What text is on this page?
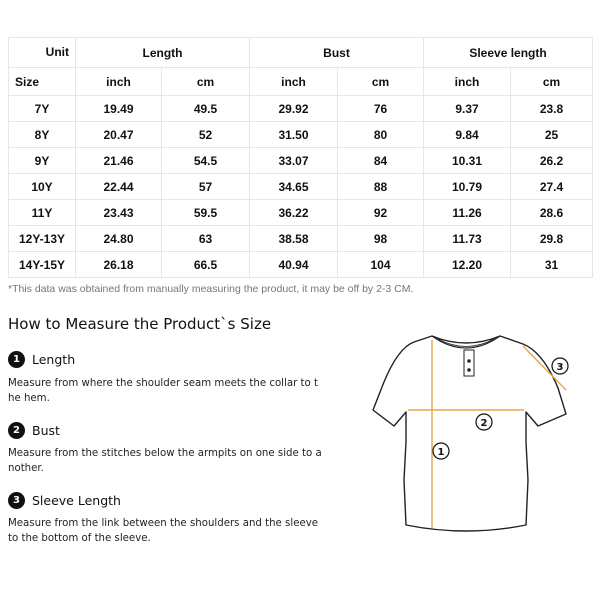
Unit	Length		Bust		Sleeve length	
Size	inch	cm	inch	cm	inch	cm
7Y	19.49	49.5	29.92	76	9.37	23.8
8Y	20.47	52	31.50	80	9.84	25
9Y	21.46	54.5	33.07	84	10.31	26.2
10Y	22.44	57	34.65	88	10.79	27.4
11Y	23.43	59.5	36.22	92	11.26	28.6
12Y-13Y	24.80	63	38.58	98	11.73	29.8
14Y-15Y	26.18	66.5	40.94	104	12.20	31
*This data was obtained from manually measuring the product, it may be off by 2-3 CM.
How to Measure the Product`s Size
1 Length
Measure from where the shoulder seam meets the collar to the hem.
2 Bust
Measure from the stitches below the armpits on one side to another.
3 Sleeve Length
Measure from the link between the shoulders and the sleeve to the bottom of the sleeve.
1
2
3
